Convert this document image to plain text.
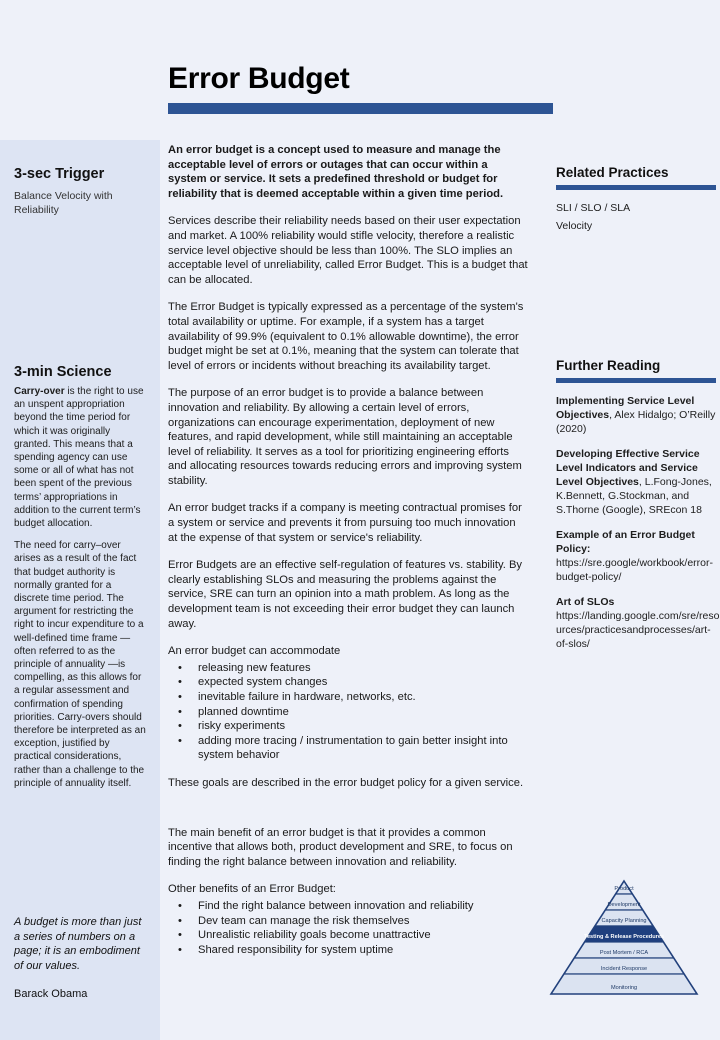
Error Budget
3-sec Trigger
Balance Velocity with Reliability
3-min Science

Carry-over is the right to use an unspent appropriation beyond the time period for which it was originally granted. This means that a spending agency can use some or all of what has not been spent of the previous terms’ appropriations in addition to the current term’s budget allocation.

The need for carry–over arises as a result of the fact that budget authority is normally granted for a discrete time period. The argument for restricting the right to incur expenditure to a well-defined time frame — often referred to as the principle of annuality —is compelling, as this allows for a regular assessment and confirmation of spending priorities. Carry-overs should therefore be interpreted as an exception, justified by practical considerations, rather than a challenge to the principle of annuality itself.

A budget is more than just a series of numbers on a page; it is an embodiment of our values.

Barack Obama

An error budget is a concept used to measure and manage the acceptable level of errors or outages that can occur within a system or service. It sets a predefined threshold or budget for reliability that is deemed acceptable within a given time period.

Services describe their reliability needs based on their user expectation and market. A 100% reliability would stifle velocity, therefore a realistic service level objective should be less than 100%. The SLO implies an acceptable level of unreliability, called Error Budget. This is a budget that can be allocated.

The Error Budget is typically expressed as a percentage of the system's total availability or uptime. For example, if a system has a target availability of 99.9% (equivalent to 0.1% allowable downtime), the error budget might be set at 0.1%, meaning that the system can tolerate that level of errors or incidents without breaching its availability target.

The purpose of an error budget is to provide a balance between innovation and reliability. By allowing a certain level of errors, organizations can encourage experimentation, deployment of new features, and rapid development, while still maintaining an acceptable level of reliability. It serves as a tool for prioritizing engineering efforts and allocating resources towards reducing errors and improving system stability.

An error budget tracks if a company is meeting contractual promises for a system or service and prevents it from pursuing too much innovation at the expense of that system or service's reliability.

Error Budgets are an effective self-regulation of features vs. stability. By clearly establishing SLOs and measuring the problems against the service, SRE can turn an opinion into a math problem. As long as the development team is not exceeding their error budget they can launch away.

An error budget can accommodate

• releasing new features
• expected system changes
• inevitable failure in hardware, networks, etc.
• planned downtime
• risky experiments
• adding more tracing / instrumentation to gain better insight into system behavior

These goals are described in the error budget policy for a given service.

The main benefit of an error budget is that it provides a common incentive that allows both, product development and SRE, to focus on finding the right balance between innovation and reliability.

Other benefits of an Error Budget:

• Find the right balance between innovation and reliability
• Dev team can manage the risk themselves
• Unrealistic reliability goals become unattractive
• Shared responsibility for system uptime
Related Practices

SLI / SLO / SLA

Velocity

Further Reading

Implementing Service Level Objectives, Alex Hidalgo; O’Reilly (2020)

Developing Effective Service Level Indicators and Service Level Objectives, L.Fong-Jones, K.Bennett, G.Stockman, and S.Thorne (Google), SREcon 18

Example of an Error Budget Policy:
https://sre.google/workbook/error-budget-policy/

Art of SLOs
https://landing.google.com/sre/resources/practicesandprocesses/art-of-slos/

Product
Development
Capacity Planning
Testing & Release Procedures
Post Mortem / RCA
Incident Response
Monitoring
